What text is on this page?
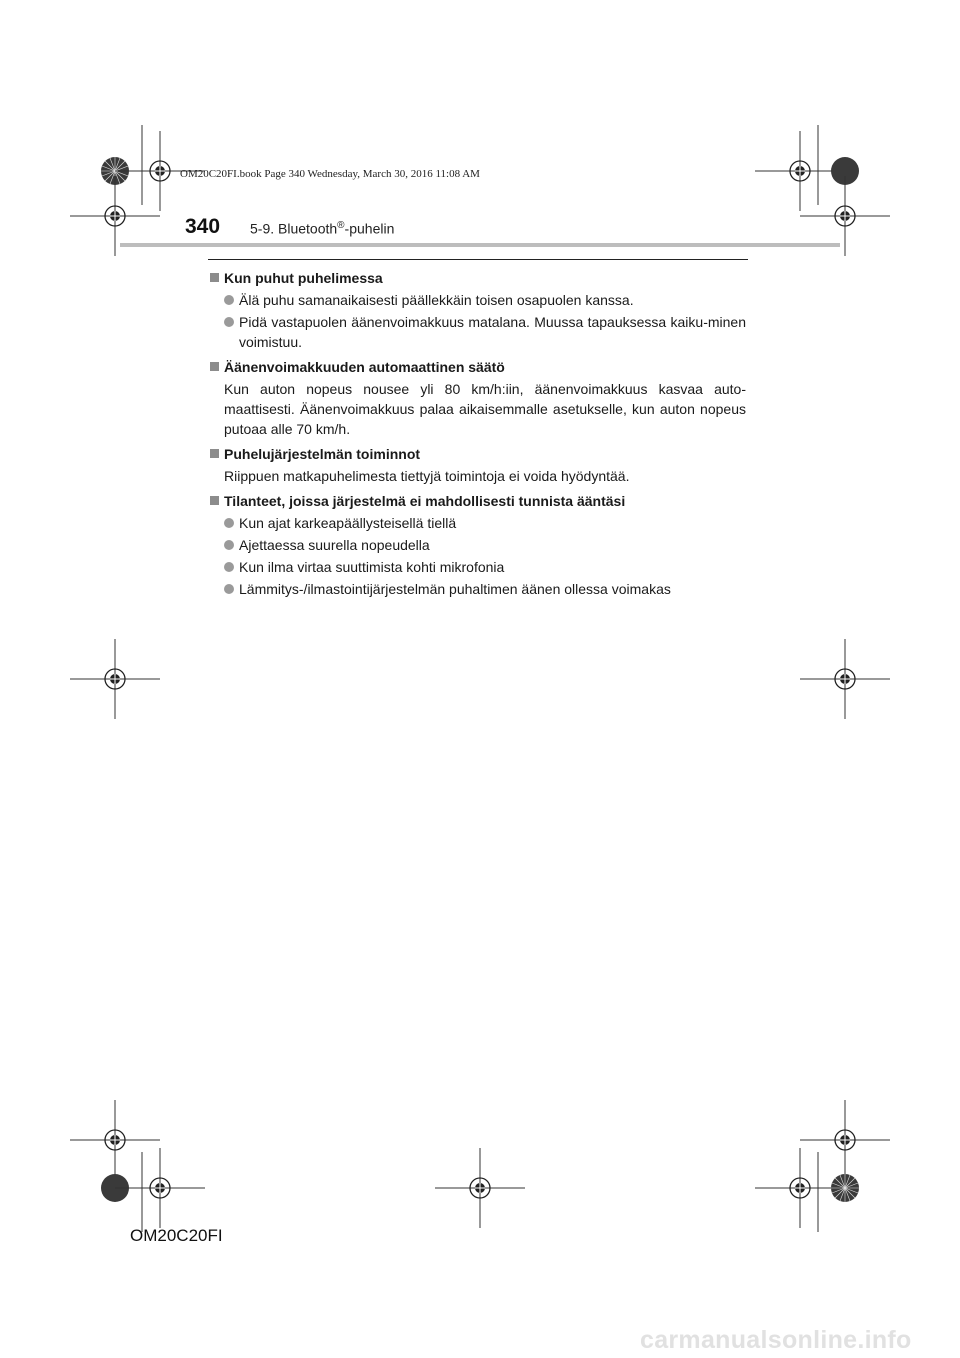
OM20C20FI.book Page 340 Wednesday, March 30, 2016 11:08 AM
340 5-9. Bluetooth®-puhelin
Kun puhut puhelimessa
Älä puhu samanaikaisesti päällekkäin toisen osapuolen kanssa.
Pidä vastapuolen äänenvoimakkuus matalana. Muussa tapauksessa kaiku-minen voimistuu.
Äänenvoimakkuuden automaattinen säätö
Kun auton nopeus nousee yli 80 km/h:iin, äänenvoimakkuus kasvaa auto-maattisesti. Äänenvoimakkuus palaa aikaisemmalle asetukselle, kun auton nopeus putoaa alle 70 km/h.
Puhelujärjestelmän toiminnot
Riippuen matkapuhelimesta tiettyjä toimintoja ei voida hyödyntää.
Tilanteet, joissa järjestelmä ei mahdollisesti tunnista ääntäsi
Kun ajat karkeapäällysteisellä tiellä
Ajettaessa suurella nopeudella
Kun ilma virtaa suuttimista kohti mikrofonia
Lämmitys-/ilmastointijärjestelmän puhaltimen äänen ollessa voimakas
OM20C20FI
carmanualsonline.info
